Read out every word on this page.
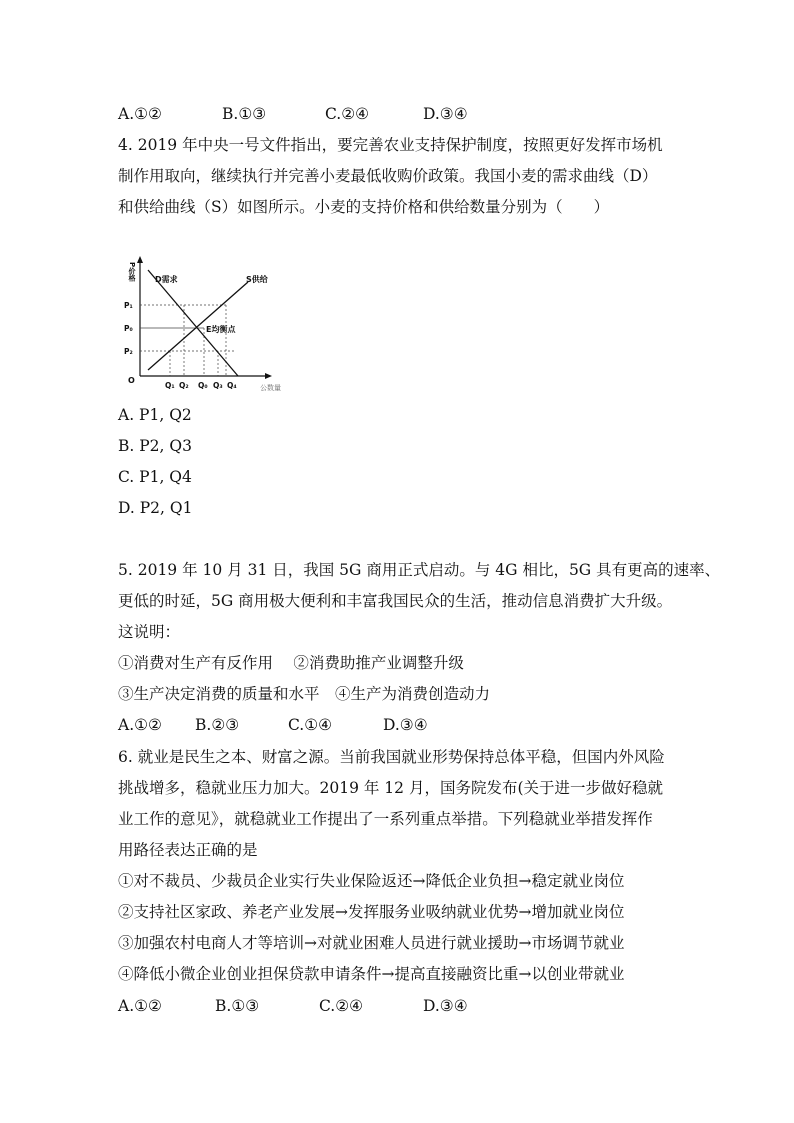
A.①②	B.①③	C.②④	D.③④
4. 2019 年中央一号文件指出，要完善农业支持保护制度，按照更好发挥市场机
制作用取向，继续执行并完善小麦最低收购价政策。我国小麦的需求曲线（D）
和供给曲线（S）如图所示。小麦的支持价格和供给数量分别为（　　）
P价格 D需求	S供给
E均衡点
P₁
P₀
P₂
O
Q₁ Q₂ Q₀ Q₃ Q₄	公数量
A. P1, Q2
B. P2, Q3
C. P1, Q4
D. P2, Q1
5. 2019 年 10 月 31 日，我国 5G 商用正式启动。与 4G 相比，5G 具有更高的速率、
更低的时延，5G 商用极大便利和丰富我国民众的生活，推动信息消费扩大升级。
这说明：
①消费对生产有反作用　 ②消费助推产业调整升级
③生产决定消费的质量和水平　④生产为消费创造动力
A.①② B.②③	C.①④	D.③④
6. 就业是民生之本、财富之源。当前我国就业形势保持总体平稳，但国内外风险
挑战增多，稳就业压力加大。2019 年 12 月，国务院发布(关于进一步做好稳就
业工作的意见》，就稳就业工作提出了一系列重点举措。下列稳就业举措发挥作
用路径表达正确的是
①对不裁员、少裁员企业实行失业保险返还→降低企业负担→稳定就业岗位
②支持社区家政、养老产业发展→发挥服务业吸纳就业优势→增加就业岗位
③加强农村电商人才等培训→对就业困难人员进行就业援助→市场调节就业
④降低小微企业创业担保贷款申请条件→提高直接融资比重→以创业带就业
A.①②	B.①③	C.②④	D.③④
